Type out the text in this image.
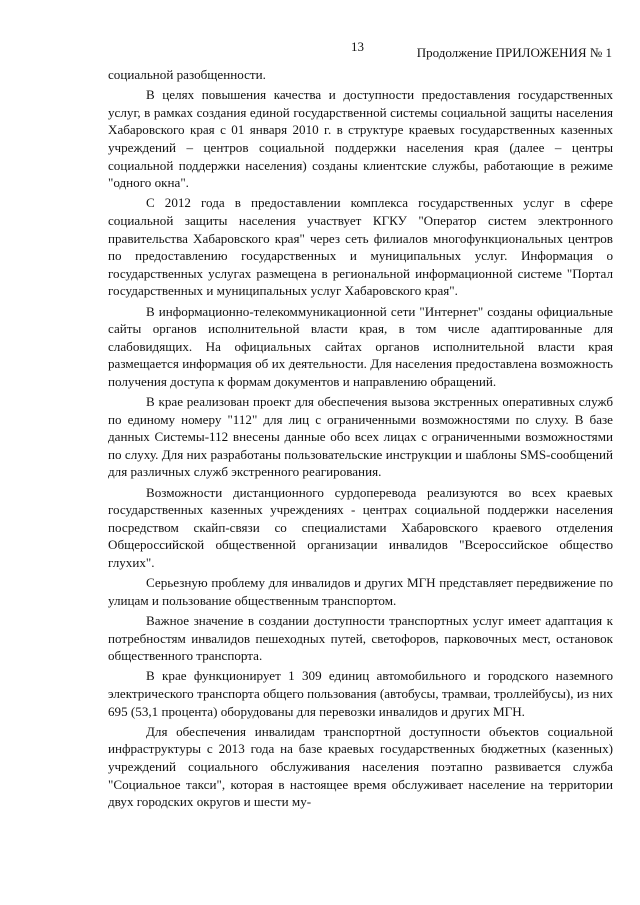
13	Продолжение ПРИЛОЖЕНИЯ № 1

социальной разобщенности.

В целях повышения качества и доступности предоставления государственных услуг, в рамках создания единой государственной системы социальной защиты населения Хабаровского края с 01 января 2010 г. в структуре краевых государственных казенных учреждений – центров социальной поддержки населения края (далее – центры социальной поддержки населения) созданы клиентские службы, работающие в режиме "одного окна".

С 2012 года в предоставлении комплекса государственных услуг в сфере социальной защиты населения участвует КГКУ "Оператор систем электронного правительства Хабаровского края" через сеть филиалов многофункциональных центров по предоставлению государственных и муниципальных услуг. Информация о государственных услугах размещена в региональной информационной системе "Портал государственных и муниципальных услуг Хабаровского края".

В информационно-телекоммуникационной сети "Интернет" созданы официальные сайты органов исполнительной власти края, в том числе адаптированные для слабовидящих. На официальных сайтах органов исполнительной власти края размещается информация об их деятельности. Для населения предоставлена возможность получения доступа к формам документов и направлению обращений.

В крае реализован проект для обеспечения вызова экстренных оперативных служб по единому номеру "112" для лиц с ограниченными возможностями по слуху. В базе данных Системы-112 внесены данные обо всех лицах с ограниченными возможностями по слуху. Для них разработаны пользовательские инструкции и шаблоны SMS-сообщений для различных служб экстренного реагирования.

Возможности дистанционного сурдоперевода реализуются во всех краевых государственных казенных учреждениях - центрах социальной поддержки населения посредством скайп-связи со специалистами Хабаровского краевого отделения Общероссийской общественной организации инвалидов "Всероссийское общество глухих".

Серьезную проблему для инвалидов и других МГН представляет передвижение по улицам и пользование общественным транспортом.

Важное значение в создании доступности транспортных услуг имеет адаптация к потребностям инвалидов пешеходных путей, светофоров, парковочных мест, остановок общественного транспорта.

В крае функционирует 1 309 единиц автомобильного и городского наземного электрического транспорта общего пользования (автобусы, трамваи, троллейбусы), из них 695 (53,1 процента) оборудованы для перевозки инвалидов и других МГН.

Для обеспечения инвалидам транспортной доступности объектов социальной инфраструктуры с 2013 года на базе краевых государственных бюджетных (казенных) учреждений социального обслуживания населения поэтапно развивается служба "Социальное такси", которая в настоящее время обслуживает население на территории двух городских округов и шести му-
